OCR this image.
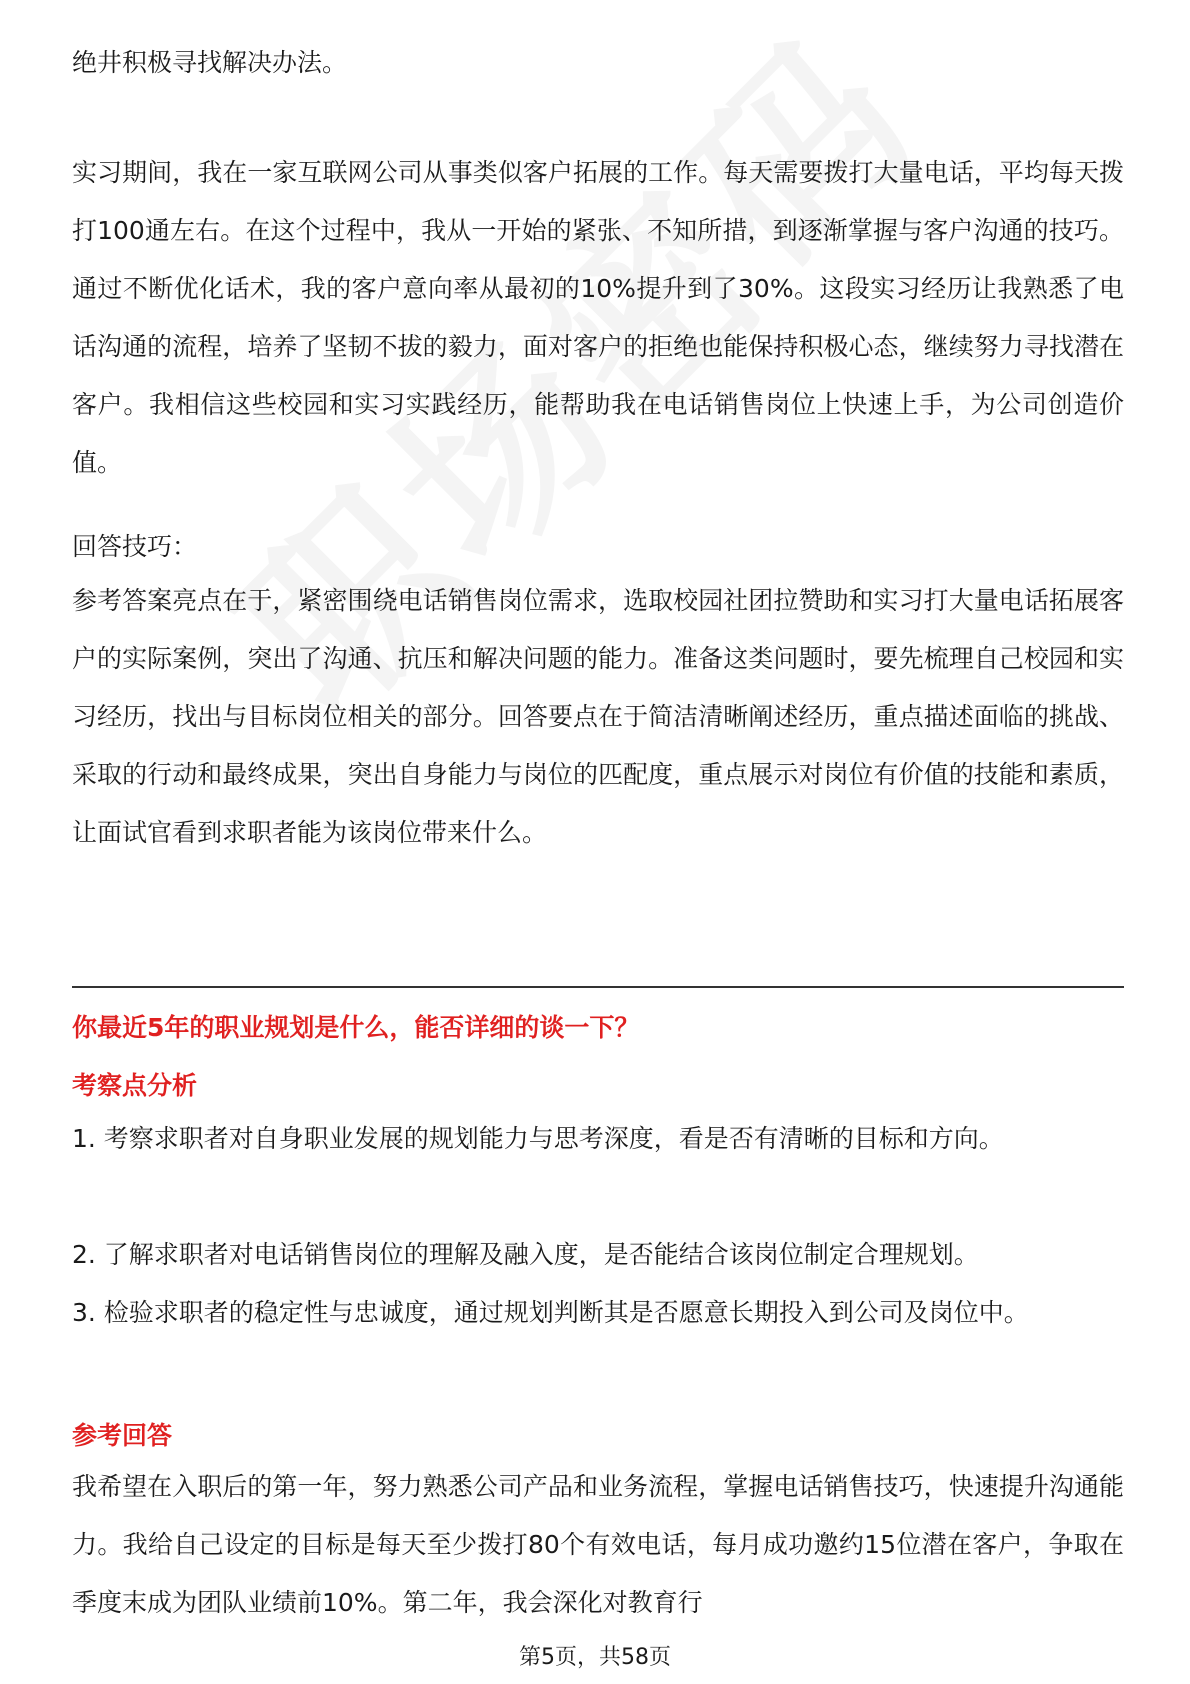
绝井积极寻找解决办法。

实习期间，我在一家互联网公司从事类似客户拓展的工作。每天需要拨打大量电话，平均每天拨打100通左右。在这个过程中，我从一开始的紧张、不知所措，到逐渐掌握与客户沟通的技巧。通过不断优化话术，我的客户意向率从最初的10%提升到了30%。这段实习经历让我熟悉了电话沟通的流程，培养了坚韧不拔的毅力，面对客户的拒绝也能保持积极心态，继续努力寻找潜在客户。我相信这些校园和实习实践经历，能帮助我在电话销售岗位上快速上手，为公司创造价值。

回答技巧：

参考答案亮点在于，紧密围绕电话销售岗位需求，选取校园社团拉赞助和实习打大量电话拓展客户的实际案例，突出了沟通、抗压和解决问题的能力。准备这类问题时，要先梳理自己校园和实习经历，找出与目标岗位相关的部分。回答要点在于简洁清晰阐述经历，重点描述面临的挑战、采取的行动和最终成果，突出自身能力与岗位的匹配度，重点展示对岗位有价值的技能和素质，让面试官看到求职者能为该岗位带来什么。

你最近5年的职业规划是什么，能否详细的谈一下？

考察点分析

1. 考察求职者对自身职业发展的规划能力与思考深度，看是否有清晰的目标和方向。

2. 了解求职者对电话销售岗位的理解及融入度，是否能结合该岗位制定合理规划。

3. 检验求职者的稳定性与忠诚度，通过规划判断其是否愿意长期投入到公司及岗位中。

参考回答

我希望在入职后的第一年，努力熟悉公司产品和业务流程，掌握电话销售技巧，快速提升沟通能力。我给自己设定的目标是每天至少拨打80个有效电话，每月成功邀约15位潜在客户，争取在季度末成为团队业绩前10%。第二年，我会深化对教育行

第5页，共58页
